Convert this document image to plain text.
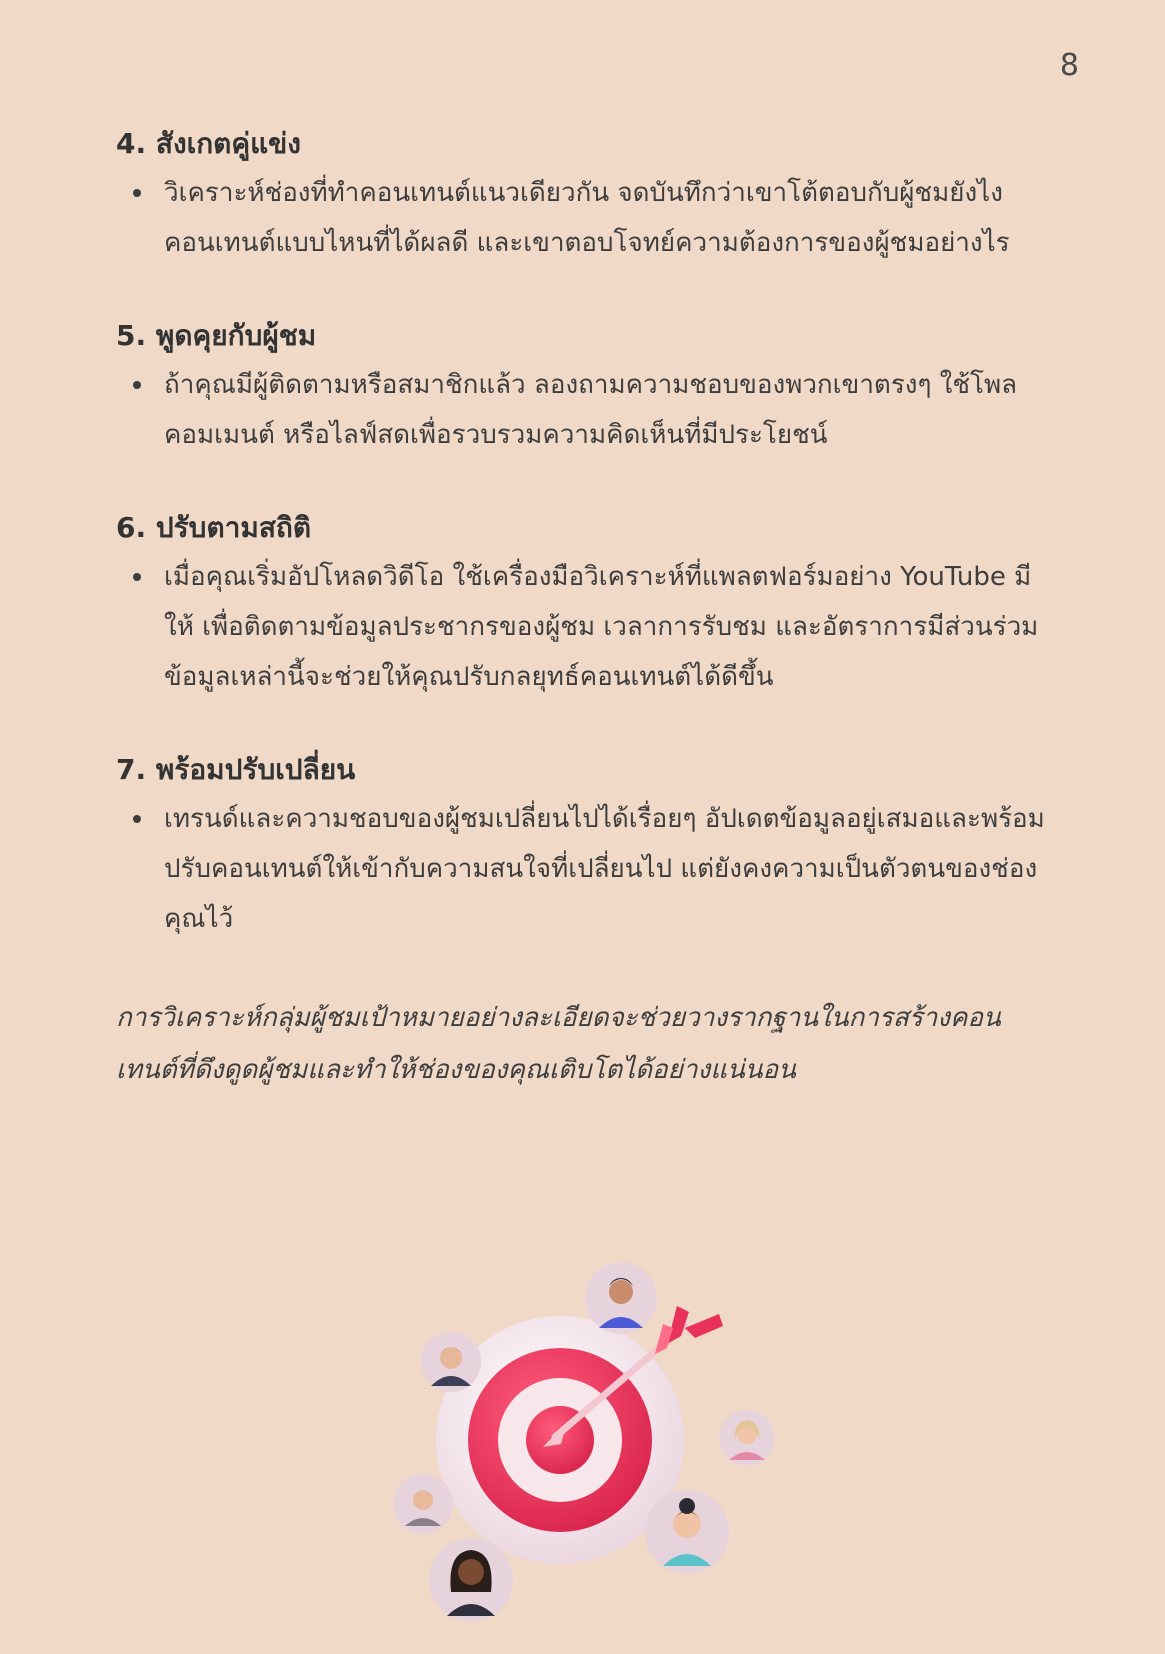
8
4. สังเกตคู่แข่ง
วิเคราะห์ช่องที่ทำคอนเทนต์แนวเดียวกัน จดบันทึกว่าเขาโต้ตอบกับผู้ชมยังไง คอนเทนต์แบบไหนที่ได้ผลดี และเขาตอบโจทย์ความต้องการของผู้ชมอย่างไร
5. พูดคุยกับผู้ชม
ถ้าคุณมีผู้ติดตามหรือสมาชิกแล้ว ลองถามความชอบของพวกเขาตรงๆ ใช้โพล คอมเมนต์ หรือไลฟ์สดเพื่อรวบรวมความคิดเห็นที่มีประโยชน์
6. ปรับตามสถิติ
เมื่อคุณเริ่มอัปโหลดวิดีโอ ใช้เครื่องมือวิเคราะห์ที่แพลตฟอร์มอย่าง YouTube มีให้ เพื่อติดตามข้อมูลประชากรของผู้ชม เวลาการรับชม และอัตราการมีส่วนร่วม ข้อมูลเหล่านี้จะช่วยให้คุณปรับกลยุทธ์คอนเทนต์ได้ดีขึ้น
7. พร้อมปรับเปลี่ยน
เทรนด์และความชอบของผู้ชมเปลี่ยนไปได้เรื่อยๆ อัปเดตข้อมูลอยู่เสมอและพร้อมปรับคอนเทนต์ให้เข้ากับความสนใจที่เปลี่ยนไป แต่ยังคงความเป็นตัวตนของช่องคุณไว้

การวิเคราะห์กลุ่มผู้ชมเป้าหมายอย่างละเอียดจะช่วยวางรากฐานในการสร้างคอนเทนต์ที่ดึงดูดผู้ชมและทำให้ช่องของคุณเติบโตได้อย่างแน่นอน
